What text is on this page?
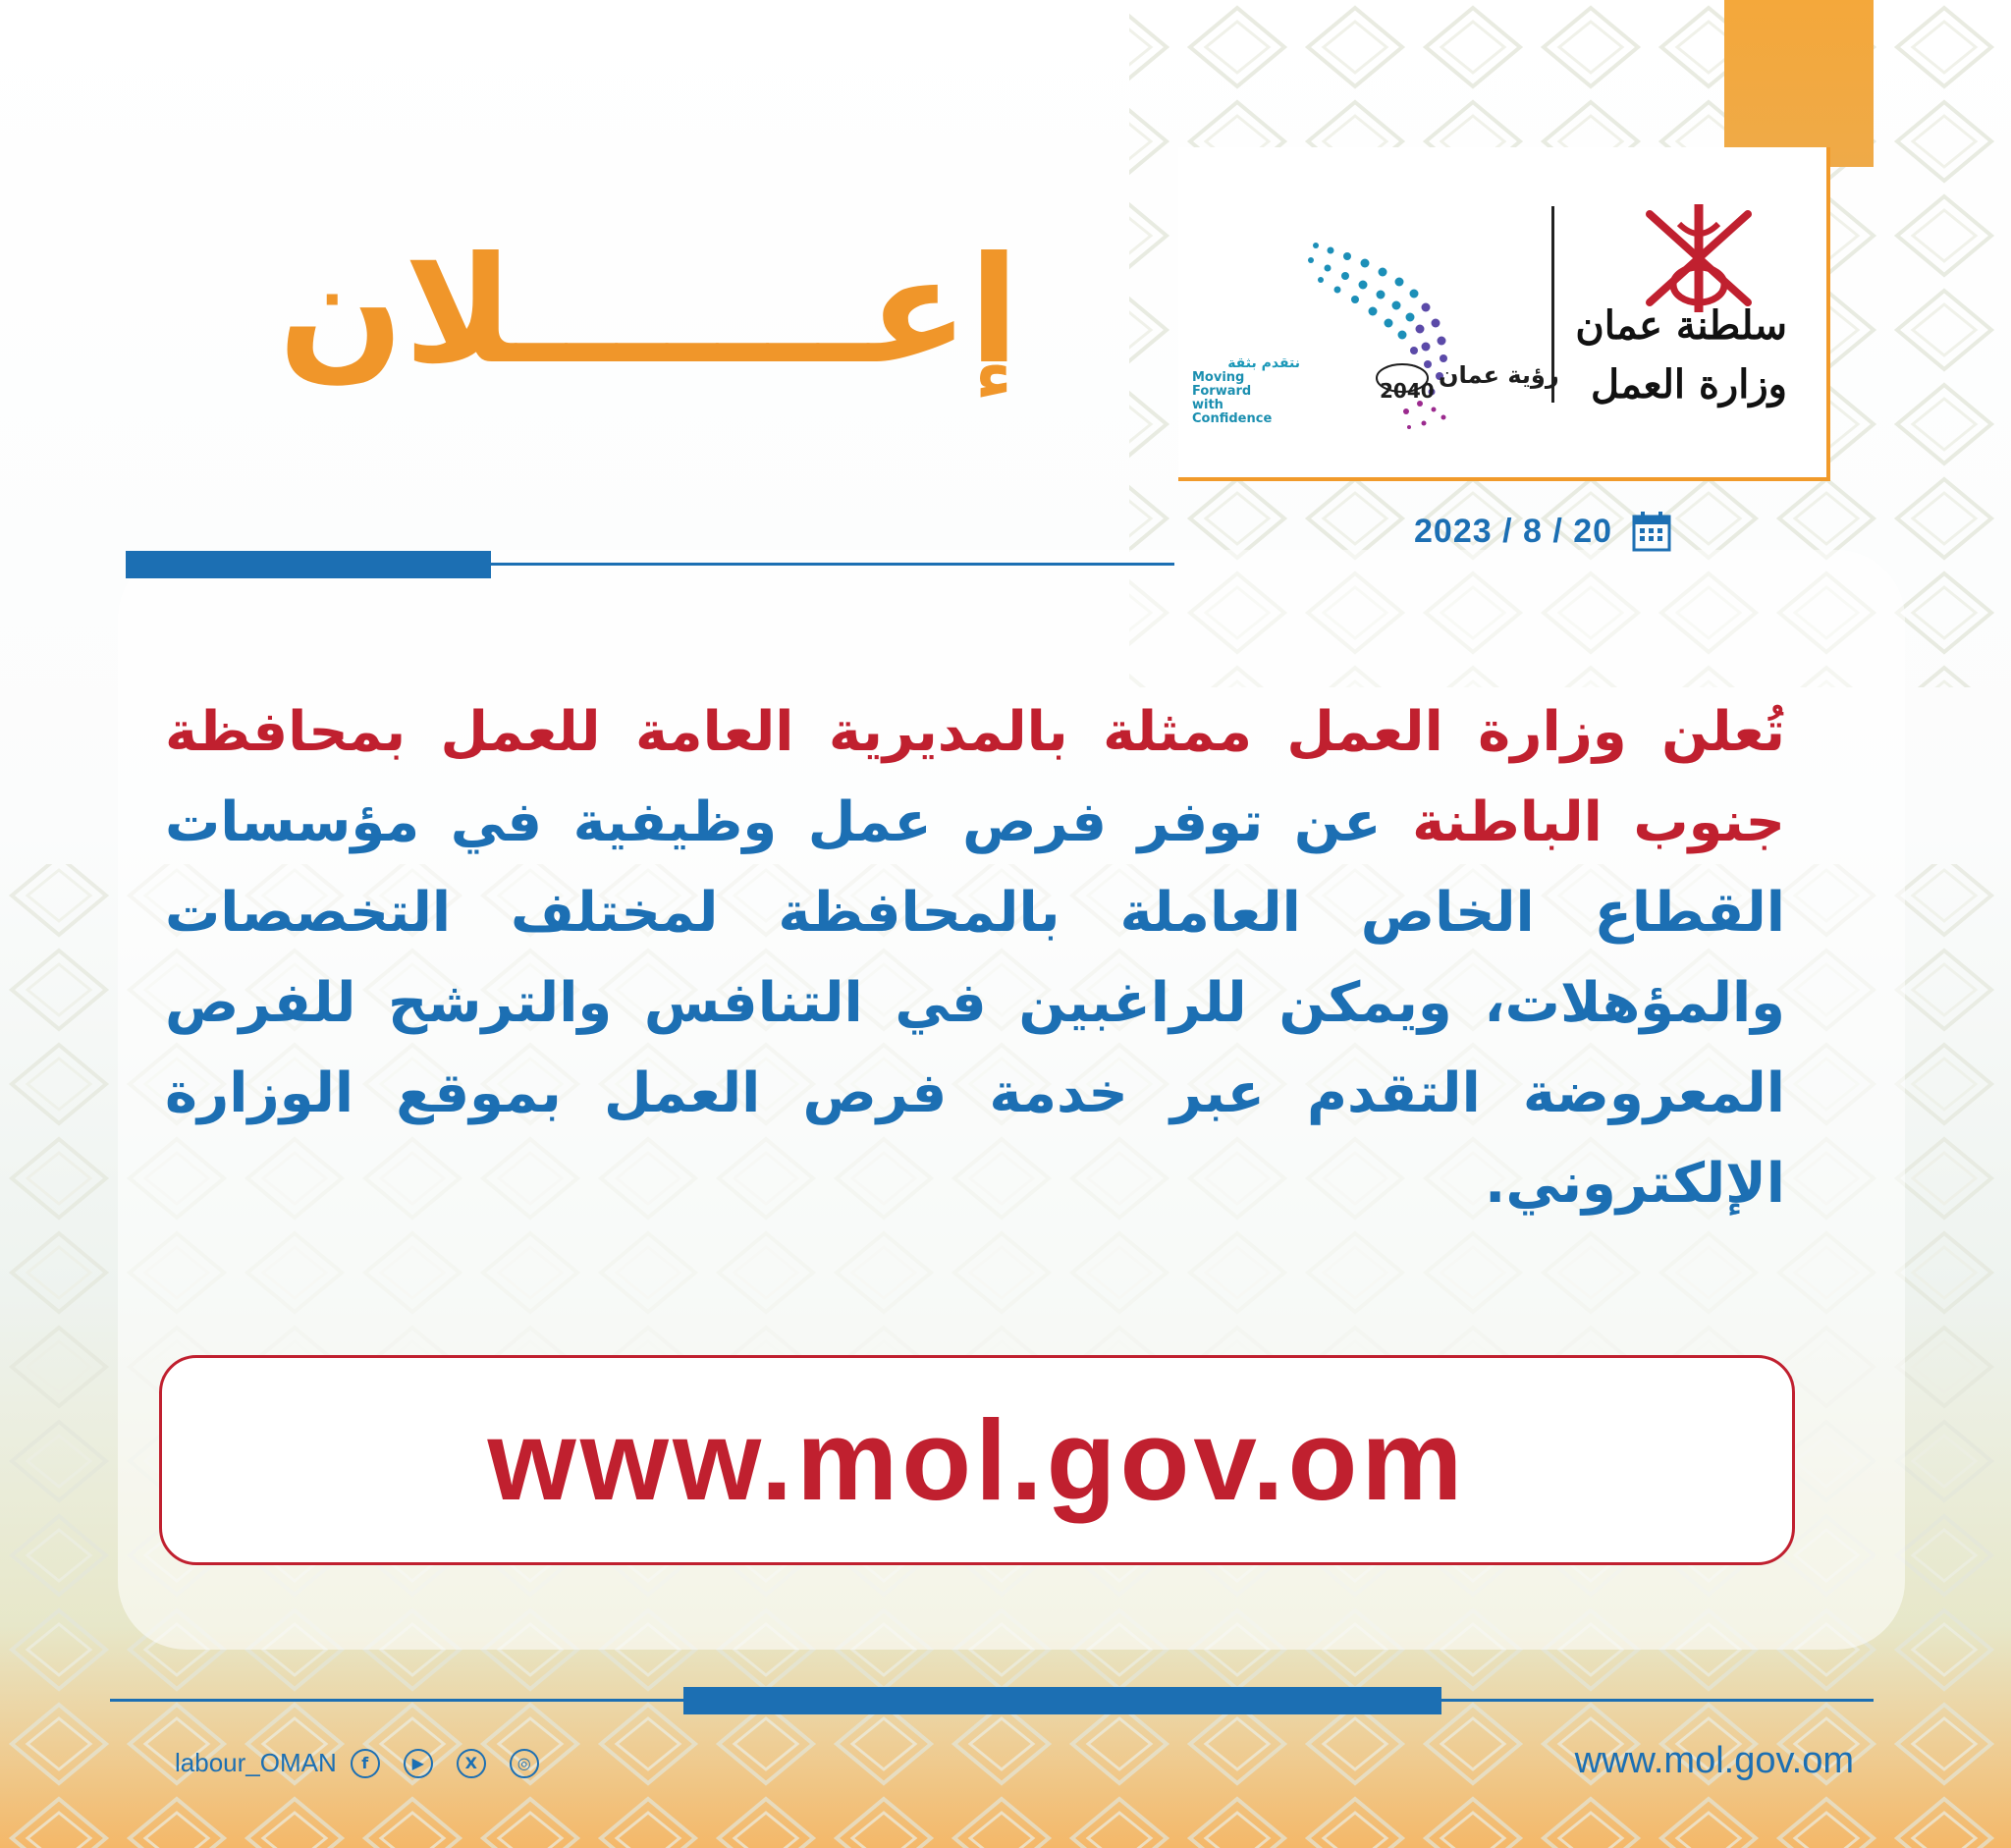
سلطنة عمان
وزارة العمل
رؤية عمان
2040
نتقدم بثقة
Moving Forward
with Confidence
إعـــــــلان
2023 / 8 / 20
تُعلن وزارة العمل ممثلة بالمديرية العامة للعمل بمحافظة جنوب الباطنة عن توفر فرص عمل وظيفية في مؤسسات القطاع الخاص العاملة بالمحافظة لمختلف التخصصات والمؤهلات، ويمكن للراغبين في التنافس والترشح للفرص المعروضة التقدم عبر خدمة فرص العمل بموقع الوزارة الإلكتروني.
www.mol.gov.om
www.mol.gov.om
labour_OMAN	f	▶	X	◎
